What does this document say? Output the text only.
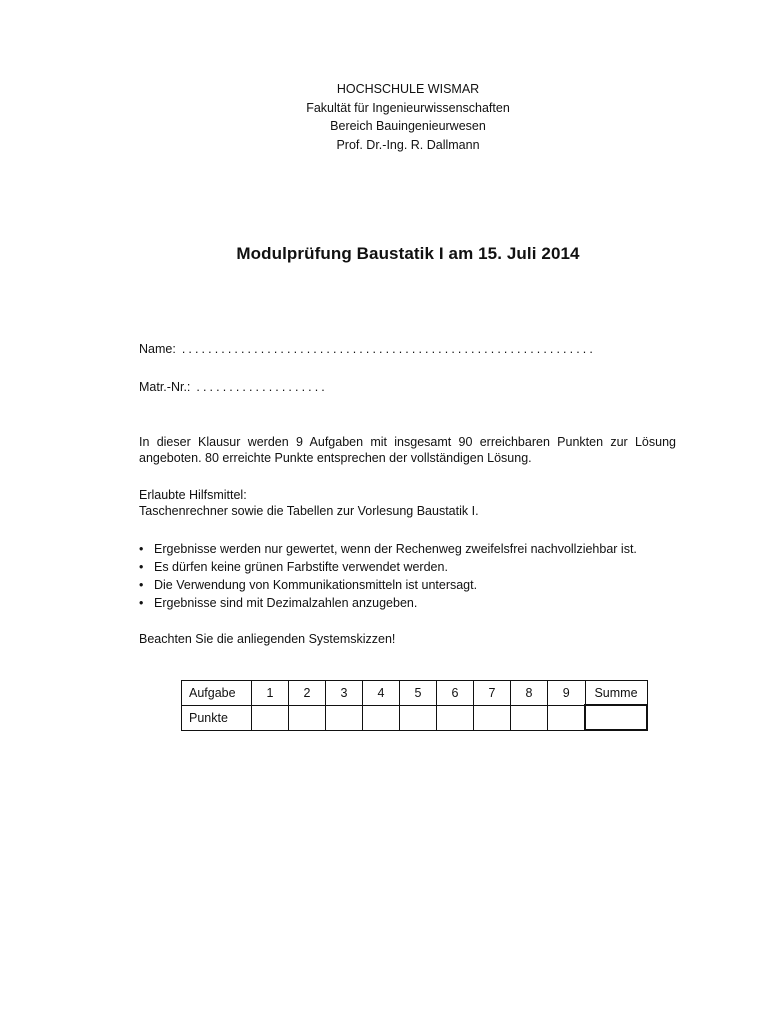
HOCHSCHULE WISMAR
Fakultät für Ingenieurwissenschaften
Bereich Bauingenieurwesen
Prof. Dr.-Ing. R. Dallmann
Modulprüfung Baustatik I am 15. Juli 2014
Name: ...............................................................
Matr.-Nr.: ....................
In dieser Klausur werden 9 Aufgaben mit insgesamt 90 erreichbaren Punkten zur Lösung angeboten. 80 erreichte Punkte entsprechen der vollständigen Lösung.
Erlaubte Hilfsmittel:
Taschenrechner sowie die Tabellen zur Vorlesung Baustatik I.
• Ergebnisse werden nur gewertet, wenn der Rechenweg zweifelsfrei nachvollziehbar ist.
• Es dürfen keine grünen Farbstifte verwendet werden.
• Die Verwendung von Kommunikationsmitteln ist untersagt.
• Ergebnisse sind mit Dezimalzahlen anzugeben.
Beachten Sie die anliegenden Systemskizzen!
Aufgabe	1	2	3	4	5	6	7	8	9	Summe
Punkte										
